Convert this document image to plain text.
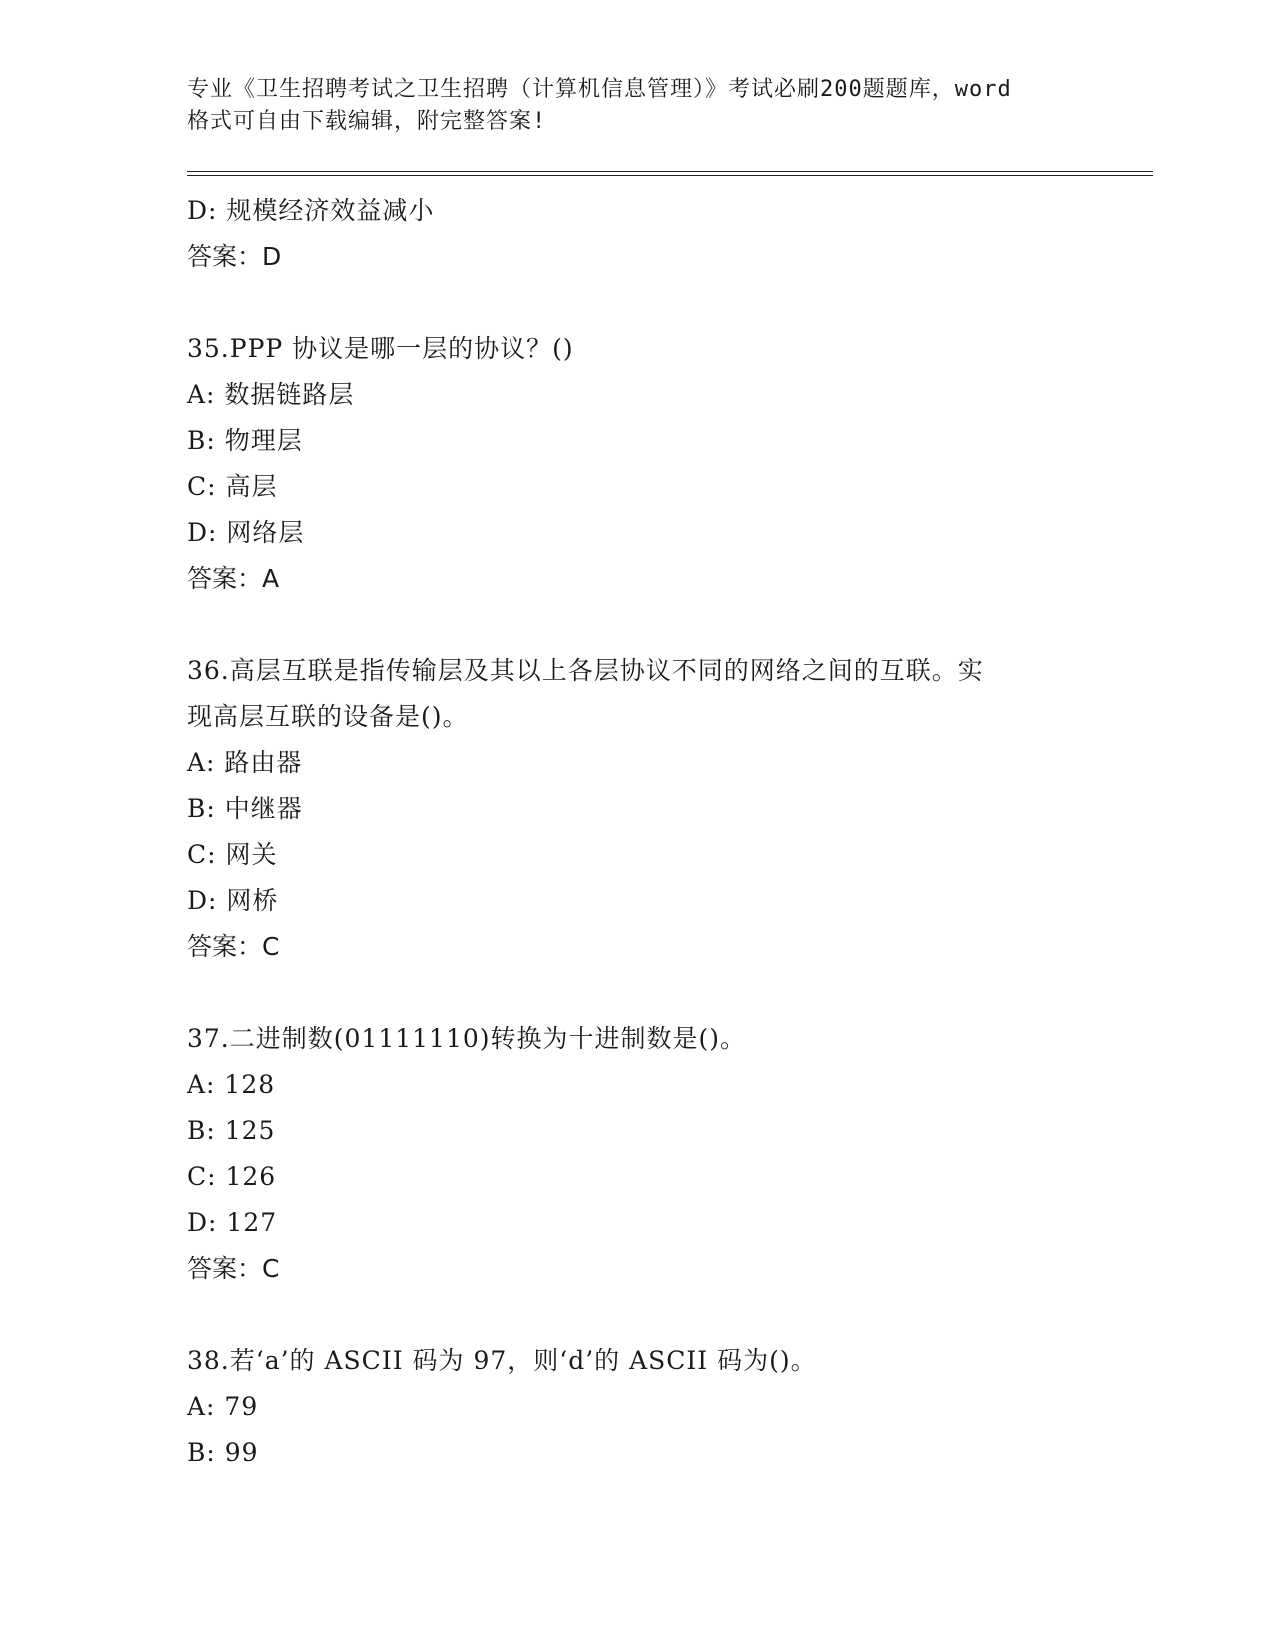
专业《卫生招聘考试之卫生招聘（计算机信息管理）》考试必刷200题题库，word
格式可自由下载编辑，附完整答案!
D: 规模经济效益减小
答案：D
35.PPP 协议是哪一层的协议？()
A: 数据链路层
B: 物理层
C: 高层
D: 网络层
答案：A
36.高层互联是指传输层及其以上各层协议不同的网络之间的互联。实
现高层互联的设备是()。
A: 路由器
B: 中继器
C: 网关
D: 网桥
答案：C
37.二进制数(01111110)转换为十进制数是()。
A: 128
B: 125
C: 126
D: 127
答案：C
38.若‘a’的 ASCII 码为 97，则‘d’的 ASCII 码为()。
A: 79
B: 99
